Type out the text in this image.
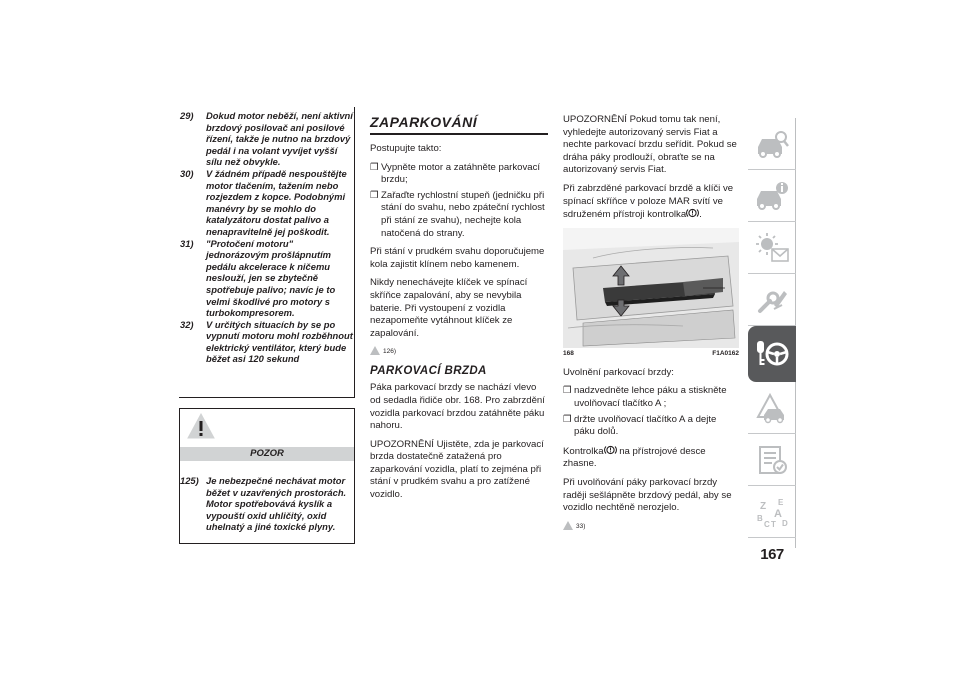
29)	Dokud motor neběží, není aktivní brzdový posilovač ani posilové řízení, takže je nutno na brzdový pedál i na volant vyvíjet vyšší sílu než obvykle.
30)	V žádném případě nespouštějte motor tlačením, tažením nebo rozjezdem z kopce. Podobnými manévry by se mohlo do katalyzátoru dostat palivo a nenapravitelně jej poškodit.
31)	"Protočení motoru" jednorázovým prošlápnutím pedálu akcelerace k ničemu neslouží, jen se zbytečně spotřebuje palivo; navíc je to velmi škodlivé pro motory s turbokompresorem.
32)	V určitých situacích by se po vypnutí motoru mohl rozběhnout elektrický ventilátor, který bude běžet asi 120 sekund
POZOR
125) Je nebezpečné nechávat motor běžet v uzavřených prostorách. Motor spotřebovává kyslík a vypouští oxid uhličitý, oxid uhelnatý a jiné toxické plyny.
ZAPARKOVÁNÍ

Postupujte takto:

❒ Vypněte motor a zatáhněte parkovací brzdu;
❒ Zařaďte rychlostní stupeň (jedničku při stání do svahu, nebo zpáteční rychlost při stání ze svahu), nechejte kola natočená do strany.

Při stání v prudkém svahu doporučujeme kola zajistit klínem nebo kamenem.

Nikdy nenechávejte klíček ve spínací skříňce zapalování, aby se nevybila baterie. Při vystoupení z vozidla nezapomeňte vytáhnout klíček ze zapalování.

126)
PARKOVACÍ BRZDA

Páka parkovací brzdy se nachází vlevo od sedadla řidiče obr. 168. Pro zabrzdění vozidla parkovací brzdou zatáhněte páku nahoru.

UPOZORNĚNÍ Ujistěte, zda je parkovací brzda dostatečně zatažená pro zaparkování vozidla, platí to zejména při stání v prudkém svahu a pro zatížené vozidlo.

UPOZORNĚNÍ Pokud tomu tak není, vyhledejte autorizovaný servis Fiat a nechte parkovací brzdu seřídit. Pokud se dráha páky prodlouží, obraťte se na autorizovaný servis Fiat.

Při zabrzděné parkovací brzdě a klíči ve spínací skříňce v poloze MAR svítí ve sdruženém přístroji kontrolka .

168	F1A0162

Uvolnění parkovací brzdy:

❒ nadzvedněte lehce páku a stiskněte uvolňovací tlačítko A ;
❒ držte uvolňovací tlačítko A a dejte páku dolů.

Kontrolka na přístrojové desce zhasne.

Při uvolňování páky parkovací brzdy raději sešlápněte brzdový pedál, aby se vozidlo nechtěně nerozjelo.

33)
Z E
A
B
C T D
167
